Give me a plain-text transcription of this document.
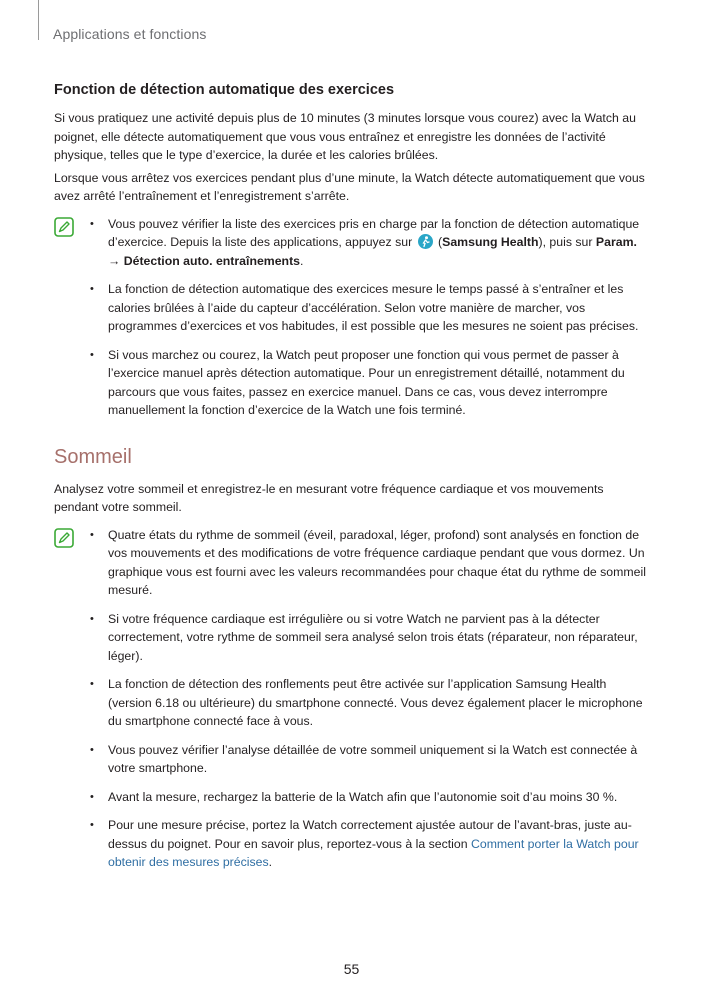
Applications et fonctions
Fonction de détection automatique des exercices

Si vous pratiquez une activité depuis plus de 10 minutes (3 minutes lorsque vous courez) avec la Watch au poignet, elle détecte automatiquement que vous vous entraînez et enregistre les données de l’activité physique, telles que le type d’exercice, la durée et les calories brûlées.

Lorsque vous arrêtez vos exercices pendant plus d’une minute, la Watch détecte automatiquement que vous avez arrêté l’entraînement et l’enregistrement s’arrête.

• Vous pouvez vérifier la liste des exercices pris en charge par la fonction de détection automatique d’exercice. Depuis la liste des applications, appuyez sur (Samsung Health), puis sur Param. → Détection auto. entraînements.
• La fonction de détection automatique des exercices mesure le temps passé à s’entraîner et les calories brûlées à l’aide du capteur d’accélération. Selon votre manière de marcher, vos programmes d’exercices et vos habitudes, il est possible que les mesures ne soient pas précises.
• Si vous marchez ou courez, la Watch peut proposer une fonction qui vous permet de passer à l’exercice manuel après détection automatique. Pour un enregistrement détaillé, notamment du parcours que vous faites, passez en exercice manuel. Dans ce cas, vous devez interrompre manuellement la fonction d’exercice de la Watch une fois terminé.
Sommeil

Analysez votre sommeil et enregistrez-le en mesurant votre fréquence cardiaque et vos mouvements pendant votre sommeil.

• Quatre états du rythme de sommeil (éveil, paradoxal, léger, profond) sont analysés en fonction de vos mouvements et des modifications de votre fréquence cardiaque pendant que vous dormez. Un graphique vous est fourni avec les valeurs recommandées pour chaque état du rythme de sommeil mesuré.
• Si votre fréquence cardiaque est irrégulière ou si votre Watch ne parvient pas à la détecter correctement, votre rythme de sommeil sera analysé selon trois états (réparateur, non réparateur, léger).
• La fonction de détection des ronflements peut être activée sur l’application Samsung Health (version 6.18 ou ultérieure) du smartphone connecté. Vous devez également placer le microphone du smartphone connecté face à vous.
• Vous pouvez vérifier l’analyse détaillée de votre sommeil uniquement si la Watch est connectée à votre smartphone.
• Avant la mesure, rechargez la batterie de la Watch afin que l’autonomie soit d’au moins 30 %.
• Pour une mesure précise, portez la Watch correctement ajustée autour de l’avant-bras, juste au-dessus du poignet. Pour en savoir plus, reportez-vous à la section Comment porter la Watch pour obtenir des mesures précises.
55
